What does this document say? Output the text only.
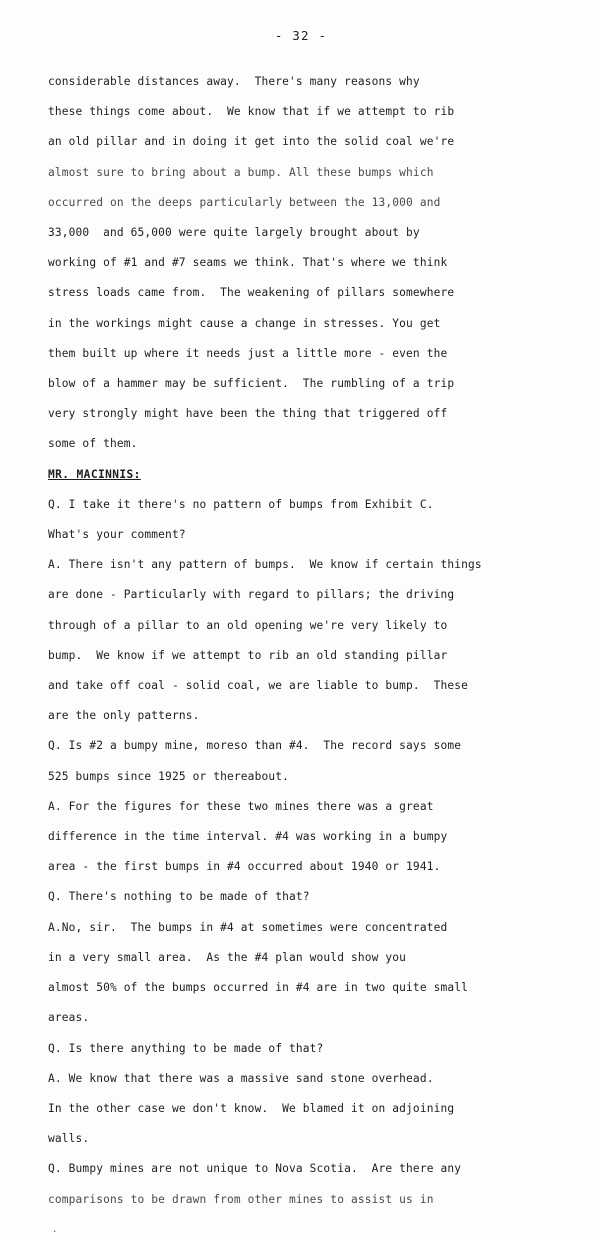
- 32 -
considerable distances away.  There's many reasons why
these things come about.  We know that if we attempt to rib
an old pillar and in doing it get into the solid coal we're
almost sure to bring about a bump. All these bumps which
occurred on the deeps particularly between the 13,000 and
33,000  and 65,000 were quite largely brought about by
working of #1 and #7 seams we think. That's where we think
stress loads came from.  The weakening of pillars somewhere
in the workings might cause a change in stresses. You get
them built up where it needs just a little more - even the
blow of a hammer may be sufficient.  The rumbling of a trip
very strongly might have been the thing that triggered off
some of them.
MR. MACINNIS:
Q. I take it there's no pattern of bumps from Exhibit C.
What's your comment?
A. There isn't any pattern of bumps.  We know if certain things
are done - Particularly with regard to pillars; the driving
through of a pillar to an old opening we're very likely to
bump.  We know if we attempt to rib an old standing pillar
and take off coal - solid coal, we are liable to bump.  These
are the only patterns.
Q. Is #2 a bumpy mine, moreso than #4.  The record says some
525 bumps since 1925 or thereabout.
A. For the figures for these two mines there was a great
difference in the time interval. #4 was working in a bumpy
area - the first bumps in #4 occurred about 1940 or 1941.
Q. There's nothing to be made of that?
A.No, sir.  The bumps in #4 at sometimes were concentrated
in a very small area.  As the #4 plan would show you
almost 50% of the bumps occurred in #4 are in two quite small
areas.
Q. Is there anything to be made of that?
A. We know that there was a massive sand stone overhead.
In the other case we don't know.  We blamed it on adjoining
walls.
Q. Bumpy mines are not unique to Nova Scotia.  Are there any
comparisons to be drawn from other mines to assist us in
.
